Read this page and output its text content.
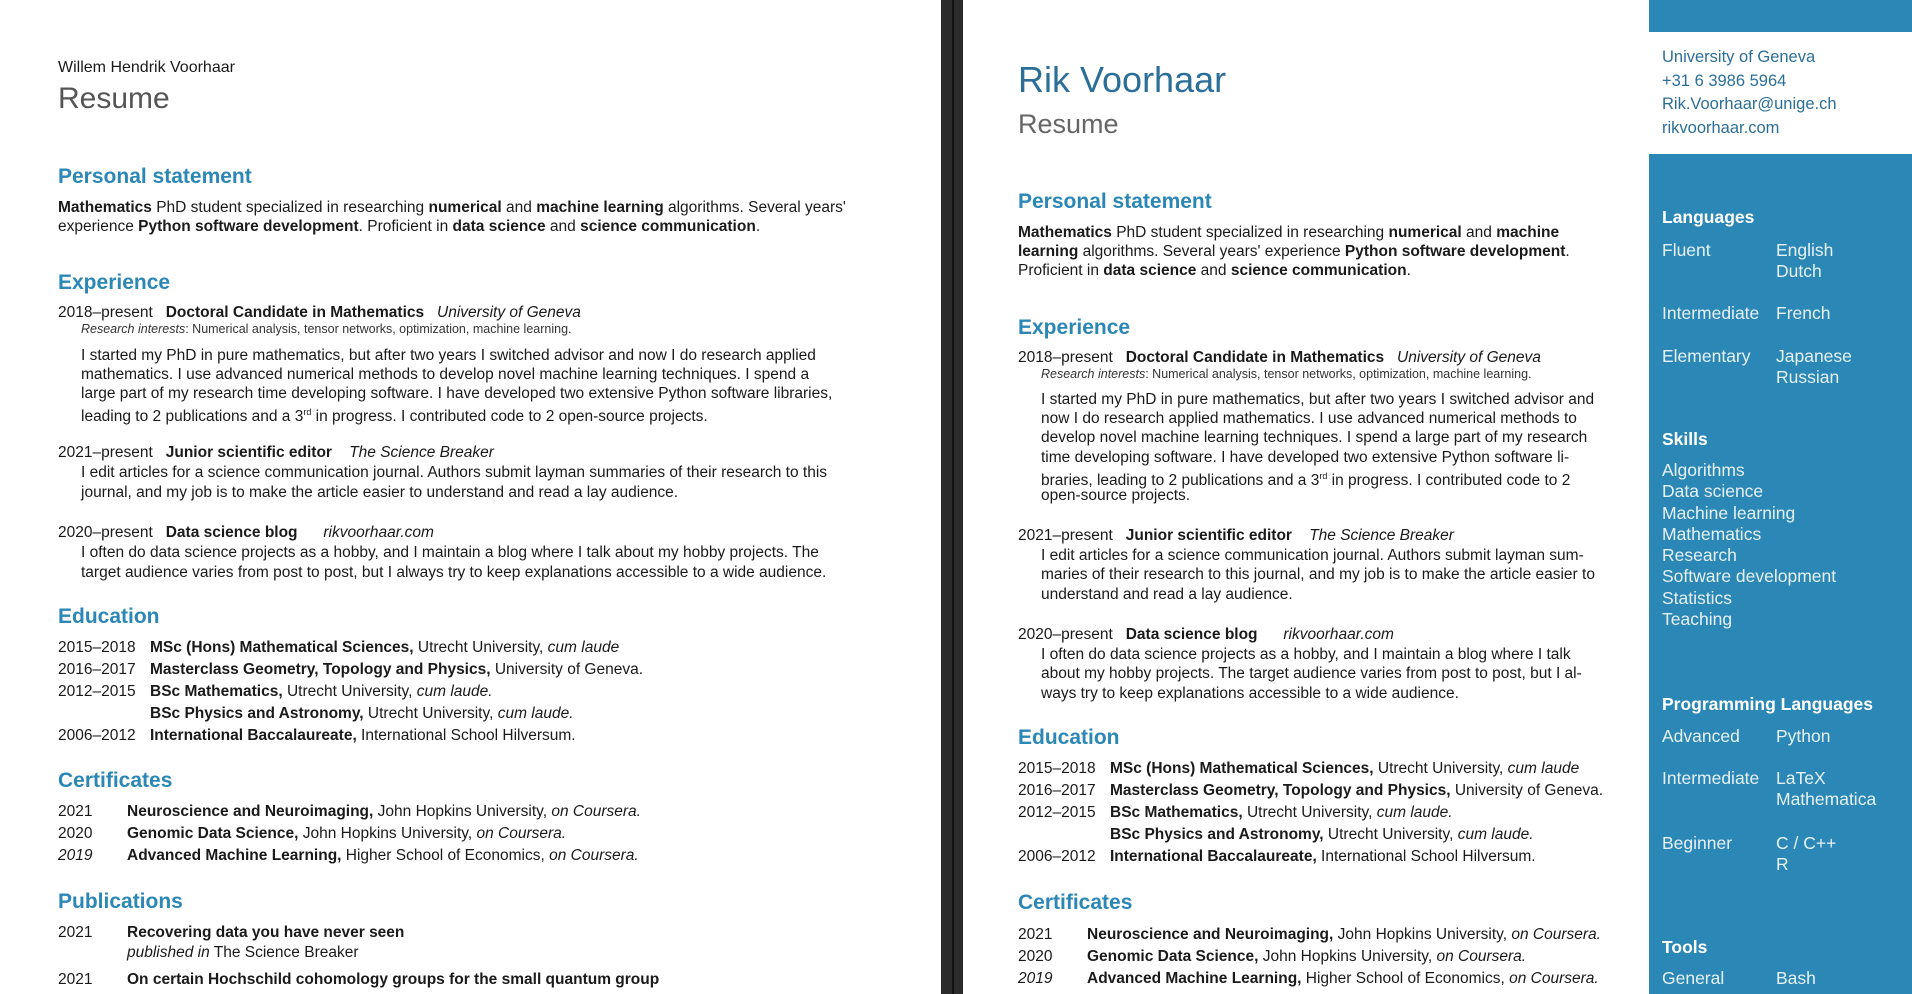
Willem Hendrik Voorhaar
Resume
Personal statement
Mathematics PhD student specialized in researching numerical and machine learning algorithms. Several years'
experience Python software development. Proficient in data science and science communication.
Experience
2018–present Doctoral Candidate in Mathematics University of Geneva
Research interests: Numerical analysis, tensor networks, optimization, machine learning.
I started my PhD in pure mathematics, but after two years I switched advisor and now I do research applied
mathematics. I use advanced numerical methods to develop novel machine learning techniques. I spend a
large part of my research time developing software. I have developed two extensive Python software libraries,
leading to 2 publications and a 3rd in progress. I contributed code to 2 open-source projects.
2021–present Junior scientific editor The Science Breaker
I edit articles for a science communication journal. Authors submit layman summaries of their research to this
journal, and my job is to make the article easier to understand and read a lay audience.
2020–present Data science blog rikvoorhaar.com
I often do data science projects as a hobby, and I maintain a blog where I talk about my hobby projects. The
target audience varies from post to post, but I always try to keep explanations accessible to a wide audience.
Education
2015–2018 MSc (Hons) Mathematical Sciences, Utrecht University, cum laude
2016–2017 Masterclass Geometry, Topology and Physics, University of Geneva.
2012–2015 BSc Mathematics, Utrecht University, cum laude.
BSc Physics and Astronomy, Utrecht University, cum laude.
2006–2012 International Baccalaureate, International School Hilversum.
Certificates
2021 Neuroscience and Neuroimaging, John Hopkins University, on Coursera.
2020 Genomic Data Science, John Hopkins University, on Coursera.
2019 Advanced Machine Learning, Higher School of Economics, on Coursera.
Publications
2021 Recovering data you have never seen
published in The Science Breaker
2021 On certain Hochschild cohomology groups for the small quantum group
Rik Voorhaar
Resume
Personal statement
Mathematics PhD student specialized in researching numerical and machine
learning algorithms. Several years' experience Python software development.
Proficient in data science and science communication.
Experience
2018–present Doctoral Candidate in Mathematics University of Geneva
Research interests: Numerical analysis, tensor networks, optimization, machine learning.
I started my PhD in pure mathematics, but after two years I switched advisor and
now I do research applied mathematics. I use advanced numerical methods to
develop novel machine learning techniques. I spend a large part of my research
time developing software. I have developed two extensive Python software li-
braries, leading to 2 publications and a 3rd in progress. I contributed code to 2
open-source projects.
2021–present Junior scientific editor The Science Breaker
I edit articles for a science communication journal. Authors submit layman sum-
maries of their research to this journal, and my job is to make the article easier to
understand and read a lay audience.
2020–present Data science blog rikvoorhaar.com
I often do data science projects as a hobby, and I maintain a blog where I talk
about my hobby projects. The target audience varies from post to post, but I al-
ways try to keep explanations accessible to a wide audience.
Education
2015–2018 MSc (Hons) Mathematical Sciences, Utrecht University, cum laude
2016–2017 Masterclass Geometry, Topology and Physics, University of Geneva.
2012–2015 BSc Mathematics, Utrecht University, cum laude.
BSc Physics and Astronomy, Utrecht University, cum laude.
2006–2012 International Baccalaureate, International School Hilversum.
Certificates
2021 Neuroscience and Neuroimaging, John Hopkins University, on Coursera.
2020 Genomic Data Science, John Hopkins University, on Coursera.
2019 Advanced Machine Learning, Higher School of Economics, on Coursera.
University of Geneva
+31 6 3986 5964
Rik.Voorhaar@unige.ch
rikvoorhaar.com
Languages
Fluent	English
Dutch
Intermediate French
Elementary Japanese
Russian
Skills
Algorithms
Data science
Machine learning
Mathematics
Research
Software development
Statistics
Teaching
Programming Languages
Advanced Python
Intermediate LaTeX
Mathematica
Beginner	C / C++
R
Tools
General	Bash
